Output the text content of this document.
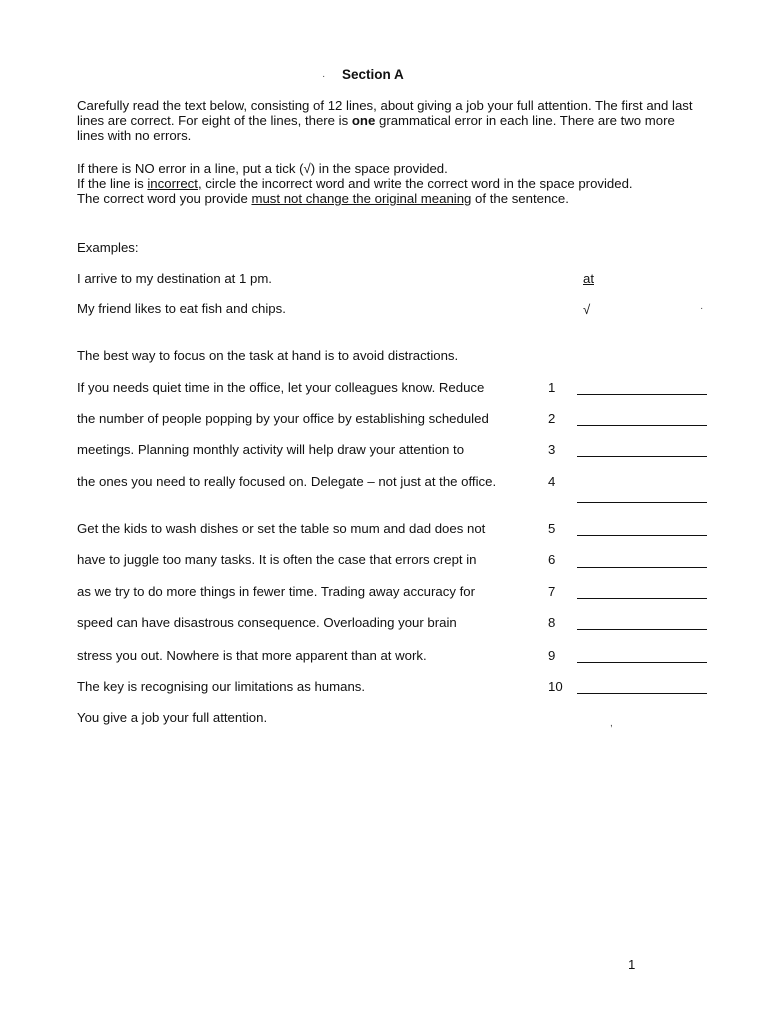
· Section A

Carefully read the text below, consisting of 12 lines, about giving a job your full attention. The first and last lines are correct. For eight of the lines, there is one grammatical error in each line. There are two more lines with no errors.

If there is NO error in a line, put a tick (√) in the space provided.
If the line is incorrect, circle the incorrect word and write the correct word in the space provided.
The correct word you provide must not change the original meaning of the sentence.

Examples:
I arrive to my destination at 1 pm.	at
My friend likes to eat fish and chips.	√	·
The best way to focus on the task at hand is to avoid distractions.
If you needs quiet time in the office, let your colleagues know. Reduce	1
the number of people popping by your office by establishing scheduled	2
meetings. Planning monthly activity will help draw your attention to	3
the ones you need to really focused on. Delegate – not just at the office.	4
Get the kids to wash dishes or set the table so mum and dad does not	5
have to juggle too many tasks. It is often the case that errors crept in	6
as we try to do more things in fewer time. Trading away accuracy for	7
speed can have disastrous consequence. Overloading your brain	8
stress you out. Nowhere is that more apparent than at work.	9
The key is recognising our limitations as humans.	10
You give a job your full attention.	,
1
